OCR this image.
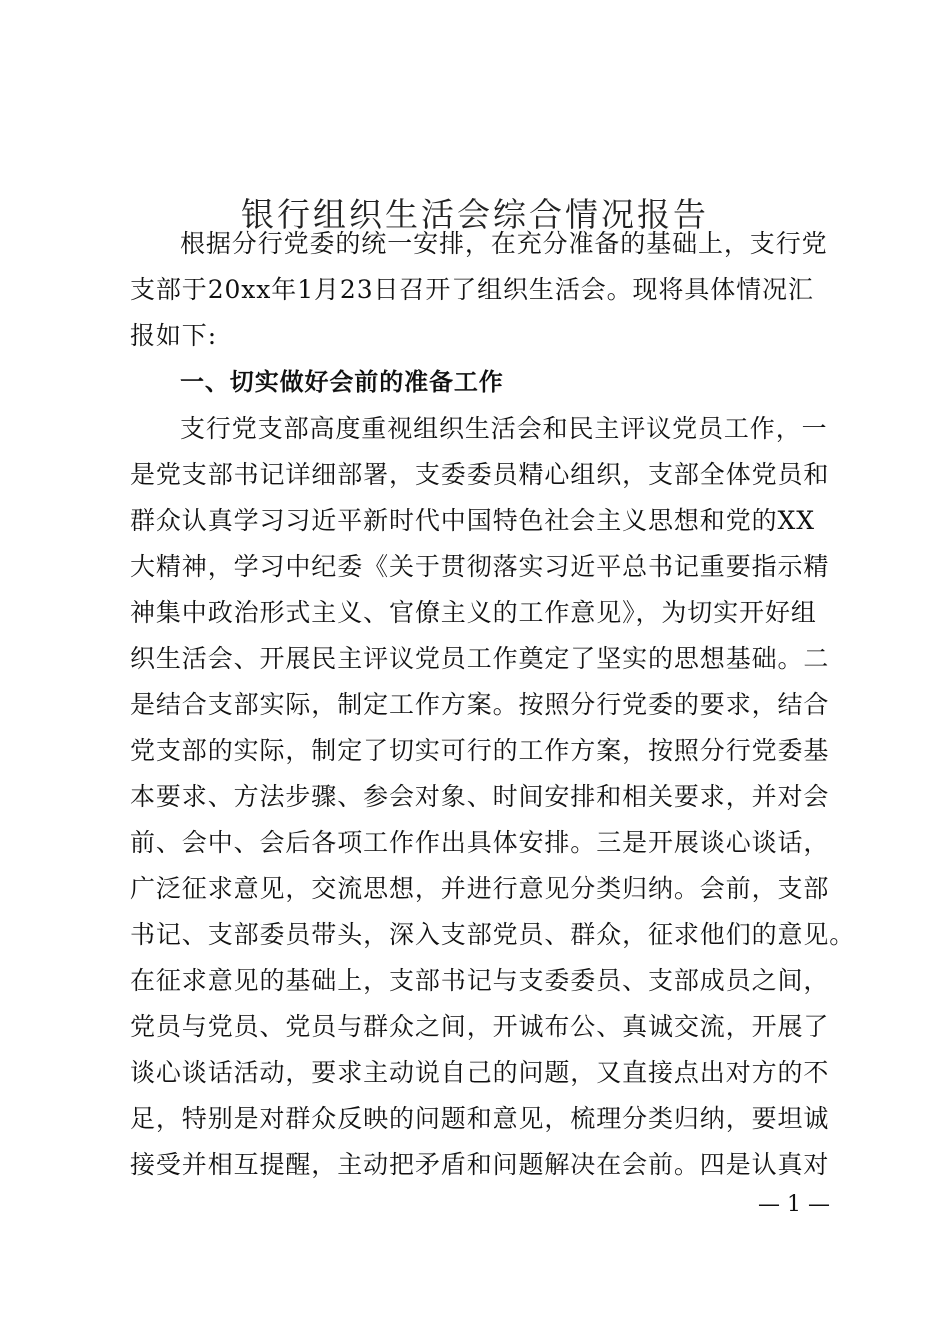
银行组织生活会综合情况报告
根据分行党委的统一安排，在充分准备的基础上，支行党
支部于20xx年1月23日召开了组织生活会。现将具体情况汇
报如下:
一、切实做好会前的准备工作
支行党支部高度重视组织生活会和民主评议党员工作，一
是党支部书记详细部署，支委委员精心组织，支部全体党员和
群众认真学习习近平新时代中国特色社会主义思想和党的XX
大精神，学习中纪委《关于贯彻落实习近平总书记重要指示精
神集中政治形式主义、官僚主义的工作意见》，为切实开好组
织生活会、开展民主评议党员工作奠定了坚实的思想基础。二
是结合支部实际，制定工作方案。按照分行党委的要求，结合
党支部的实际，制定了切实可行的工作方案，按照分行党委基
本要求、方法步骤、参会对象、时间安排和相关要求，并对会
前、会中、会后各项工作作出具体安排。三是开展谈心谈话，
广泛征求意见，交流思想，并进行意见分类归纳。会前，支部
书记、支部委员带头，深入支部党员、群众，征求他们的意见。
在征求意见的基础上，支部书记与支委委员、支部成员之间，
党员与党员、党员与群众之间，开诚布公、真诚交流，开展了
谈心谈话活动，要求主动说自己的问题，又直接点出对方的不
足，特别是对群众反映的问题和意见，梳理分类归纳，要坦诚
接受并相互提醒，主动把矛盾和问题解决在会前。四是认真对
— 1 —
